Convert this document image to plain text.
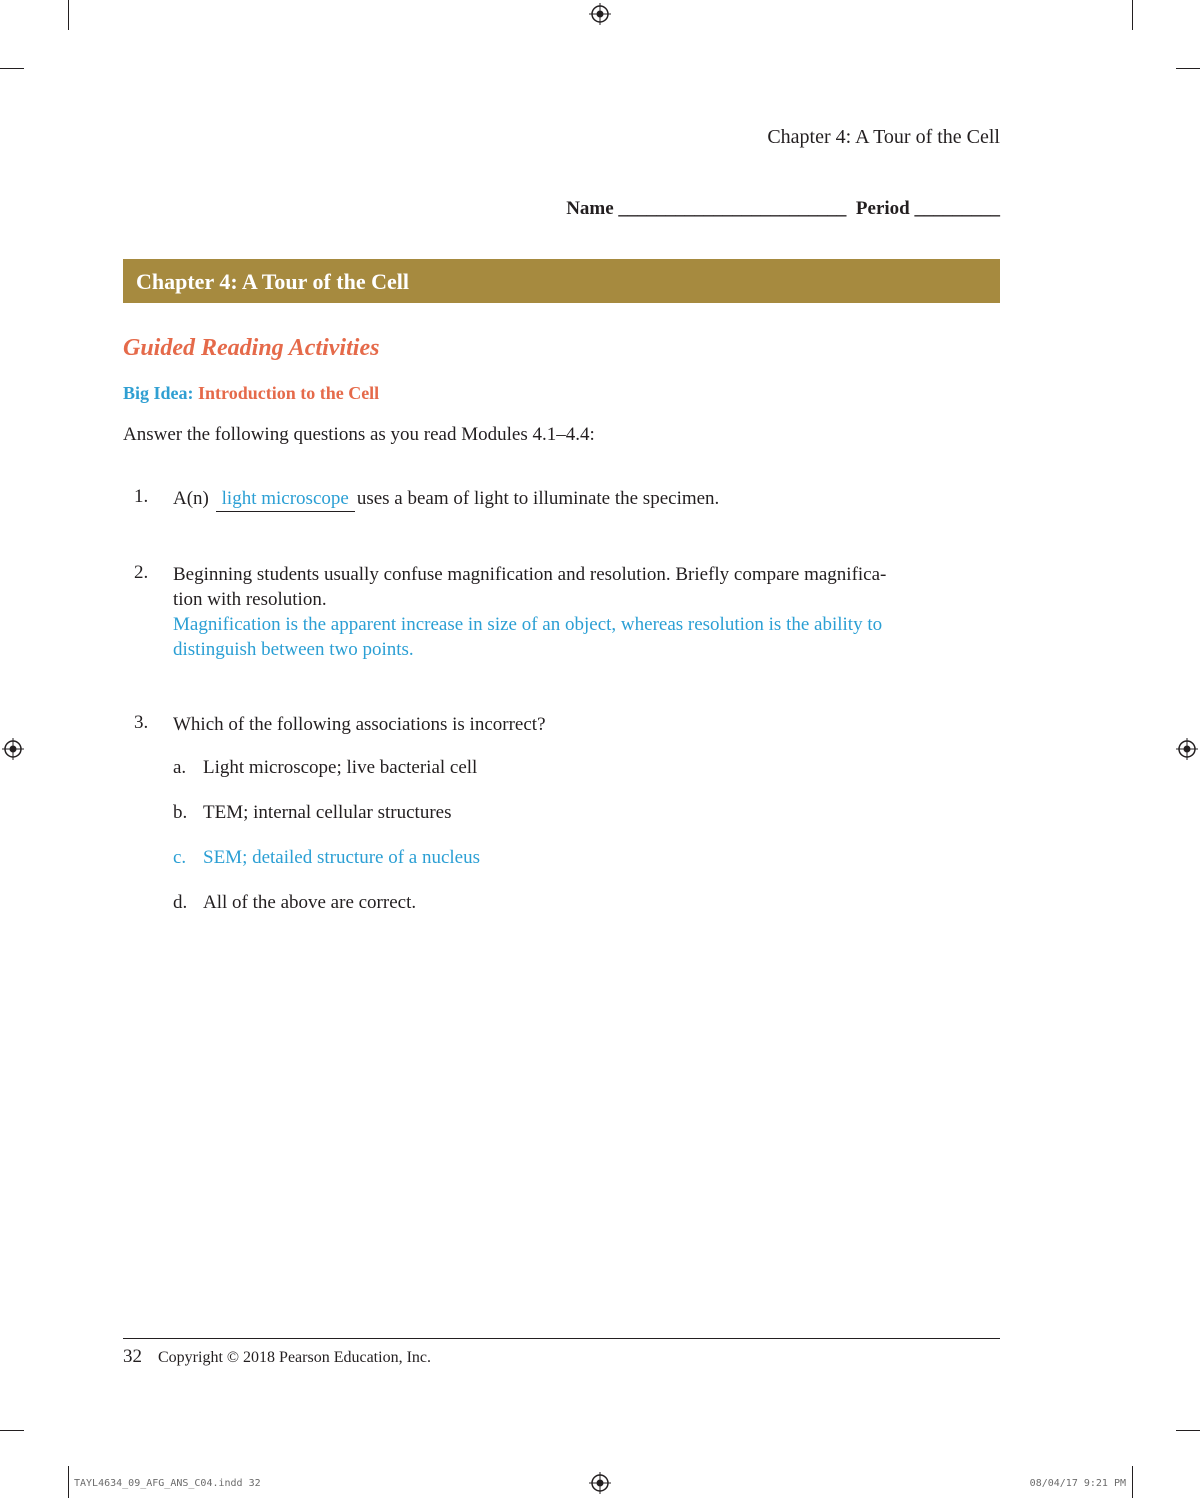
Chapter 4: A Tour of the Cell
Name ________________________ Period _________
Chapter 4: A Tour of the Cell
Guided Reading Activities
Big Idea: Introduction to the Cell
Answer the following questions as you read Modules 4.1–4.4:
1. A(n) light microscope uses a beam of light to illuminate the specimen.
2. Beginning students usually confuse magnification and resolution. Briefly compare magnifica-
tion with resolution.
Magnification is the apparent increase in size of an object, whereas resolution is the ability to
distinguish between two points.
3. Which of the following associations is incorrect?
a. Light microscope; live bacterial cell
b. TEM; internal cellular structures
c. SEM; detailed structure of a nucleus
d. All of the above are correct.
32 Copyright © 2018 Pearson Education, Inc.
TAYL4634_09_AFG_ANS_C04.indd 32	08/04/17 9:21 PM
